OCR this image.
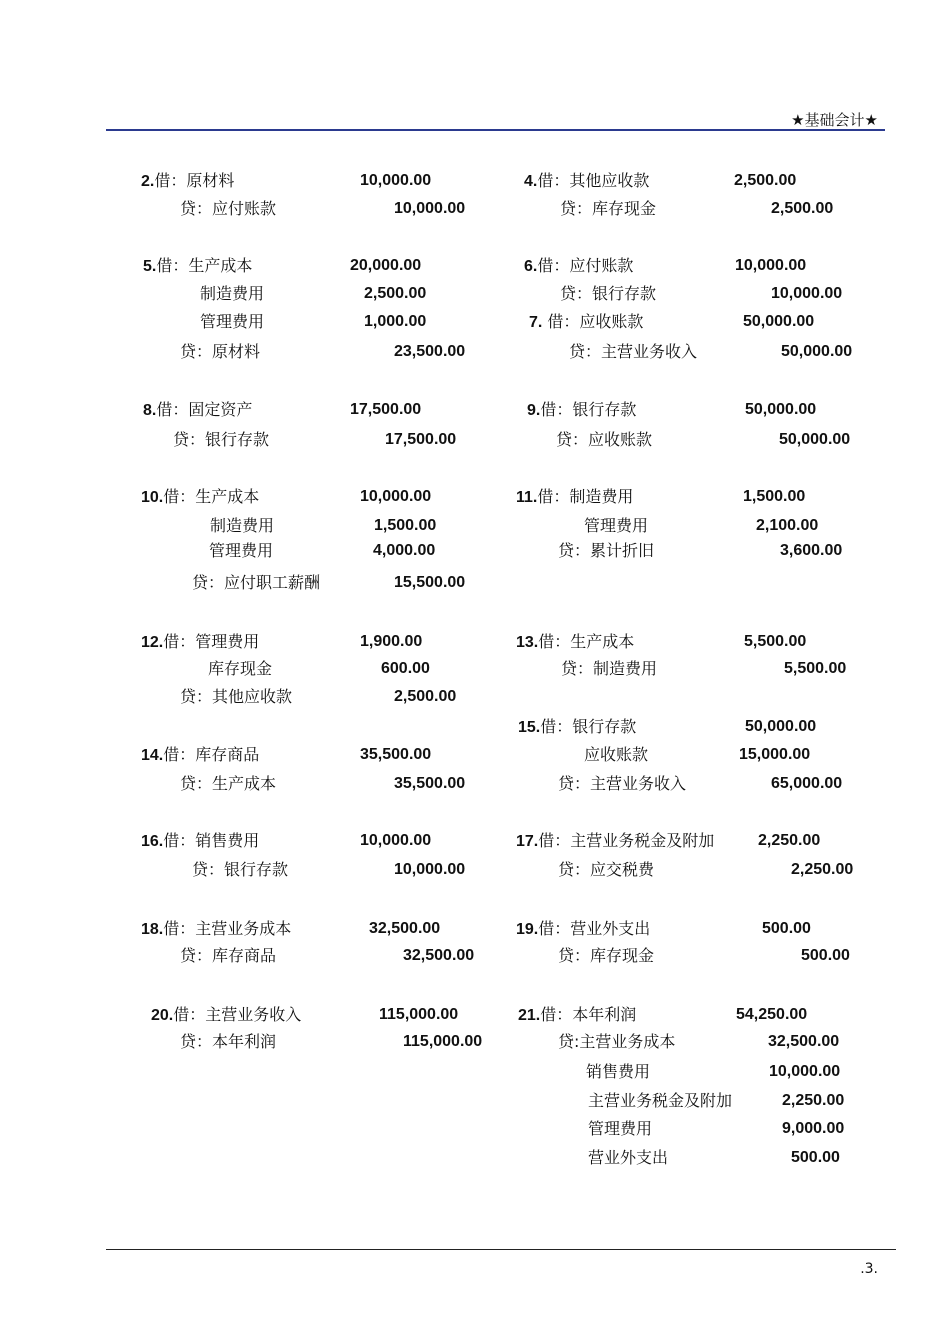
★基础会计★
2.借：原材料	10,000.00
贷：应付账款	10,000.00
4.借：其他应收款	2,500.00
贷：库存现金	2,500.00
5.借：生产成本	20,000.00
制造费用	2,500.00
管理费用	1,000.00
贷：原材料	23,500.00
6.借：应付账款	10,000.00
贷：银行存款	10,000.00
7. 借：应收账款	50,000.00
贷：主营业务收入	50,000.00
8.借：固定资产	17,500.00
贷：银行存款	17,500.00
9.借：银行存款	50,000.00
贷：应收账款	50,000.00
10.借：生产成本	10,000.00
制造费用	1,500.00
管理费用	4,000.00
贷：应付职工薪酬	15,500.00
11.借：制造费用	1,500.00
管理费用	2,100.00
贷：累计折旧	3,600.00
12.借：管理费用	1,900.00
库存现金	600.00
贷：其他应收款	2,500.00
13.借：生产成本	5,500.00
贷：制造费用	5,500.00
14.借：库存商品	35,500.00
贷：生产成本	35,500.00
15.借：银行存款	50,000.00
应收账款	15,000.00
贷：主营业务收入	65,000.00
16.借：销售费用	10,000.00
贷：银行存款	10,000.00
17.借：主营业务税金及附加	2,250.00
贷：应交税费	2,250.00
18.借：主营业务成本	32,500.00
贷：库存商品	32,500.00
19.借：营业外支出	500.00
贷：库存现金	500.00
20.借：主营业务收入	115,000.00
贷：本年利润	115,000.00
21.借：本年利润	54,250.00
贷:主营业务成本	32,500.00
销售费用	10,000.00
主营业务税金及附加	2,250.00
管理费用	9,000.00
营业外支出	500.00
.3.
